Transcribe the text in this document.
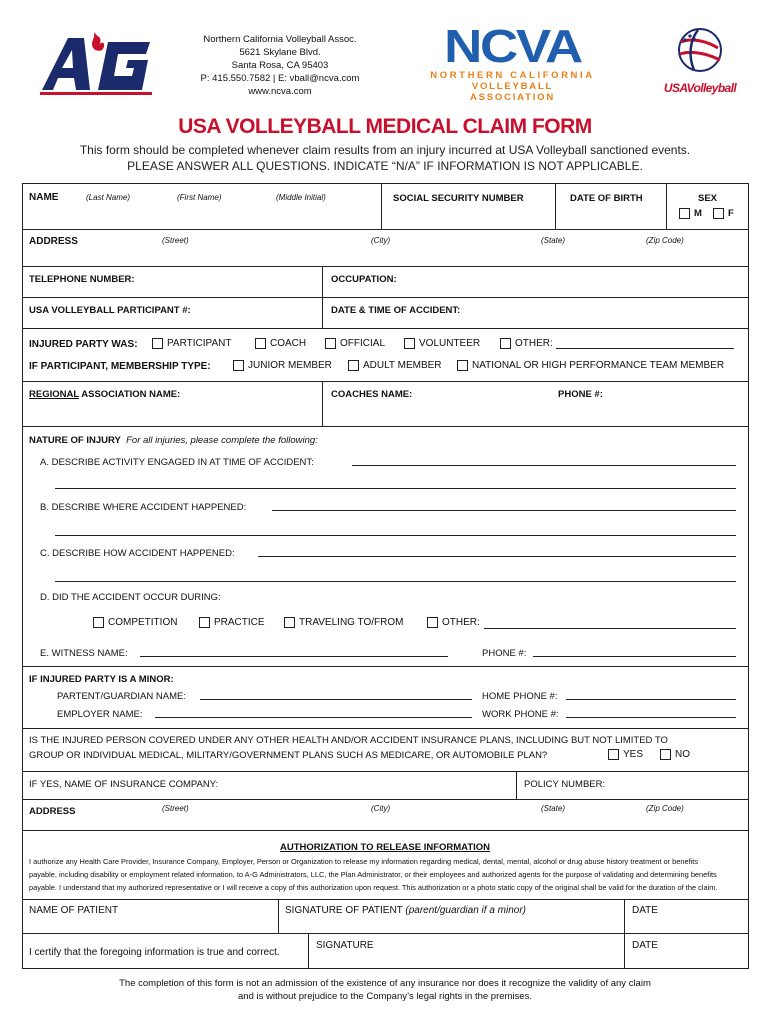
Northern California Volleyball Assoc.
5621 Skylane Blvd.
Santa Rosa, CA 95403
P: 415.550.7582 | E: vball@ncva.com
www.ncva.com
NCVA
NORTHERN CALIFORNIA
VOLLEYBALL ASSOCIATION
USAVolleyball
USA VOLLEYBALL MEDICAL CLAIM FORM
This form should be completed whenever claim results from an injury incurred at USA Volleyball sanctioned events.
PLEASE ANSWER ALL QUESTIONS. INDICATE “N/A” IF INFORMATION IS NOT APPLICABLE.
NAME	(Last Name)	(First Name)	(Middle Initial)	SOCIAL SECURITY NUMBER	DATE OF BIRTH	SEX
M	F
ADDRESS	(Street)	(City)	(State)	(Zip Code)
TELEPHONE NUMBER:	OCCUPATION:
USA VOLLEYBALL PARTICIPANT #:	DATE & TIME OF ACCIDENT:
INJURED PARTY WAS:	PARTICIPANT	COACH	OFFICIAL	VOLUNTEER	OTHER:
IF PARTICIPANT, MEMBERSHIP TYPE:	JUNIOR MEMBER	ADULT MEMBER	NATIONAL OR HIGH PERFORMANCE TEAM MEMBER
REGIONAL ASSOCIATION NAME:	COACHES NAME:	PHONE #:
NATURE OF INJURY For all injuries, please complete the following:
A. DESCRIBE ACTIVITY ENGAGED IN AT TIME OF ACCIDENT:
B. DESCRIBE WHERE ACCIDENT HAPPENED:
C. DESCRIBE HOW ACCIDENT HAPPENED:
D. DID THE ACCIDENT OCCUR DURING:
COMPETITION	PRACTICE	TRAVELING TO/FROM	OTHER:
E. WITNESS NAME:	PHONE #:
IF INJURED PARTY IS A MINOR:
PARTENT/GUARDIAN NAME:	HOME PHONE #:
EMPLOYER NAME:	WORK PHONE #:
IS THE INJURED PERSON COVERED UNDER ANY OTHER HEALTH AND/OR ACCIDENT INSURANCE PLANS, INCLUDING BUT NOT LIMITED TO
GROUP OR INDIVIDUAL MEDICAL, MILITARY/GOVERNMENT PLANS SUCH AS MEDICARE, OR AUTOMOBILE PLAN?	YES	NO
IF YES, NAME OF INSURANCE COMPANY:	POLICY NUMBER:
ADDRESS	(Street)	(City)	(State)	(Zip Code)
AUTHORIZATION TO RELEASE INFORMATION
I authorize any Health Care Provider, Insurance Company, Employer, Person or Organization to release my information regarding medical, dental, mental, alcohol or drug abuse history treatment or benefits
payable, including disability or employment related information, to A-G Administrators, LLC, the Plan Administrator, or their employees and authorized agents for the purpose of validating and determining benefits
payable. I understand that my authorized representative or I will receive a copy of this authorization upon request. This authorization or a photo static copy of the original shall be valid for the duration of the claim.
NAME OF PATIENT	SIGNATURE OF PATIENT (parent/guardian if a minor)	DATE
I certify that the foregoing information is true and correct.
SIGNATURE	DATE
The completion of this form is not an admission of the existence of any insurance nor does it recognize the validity of any claim
and is without prejudice to the Company’s legal rights in the premises.
